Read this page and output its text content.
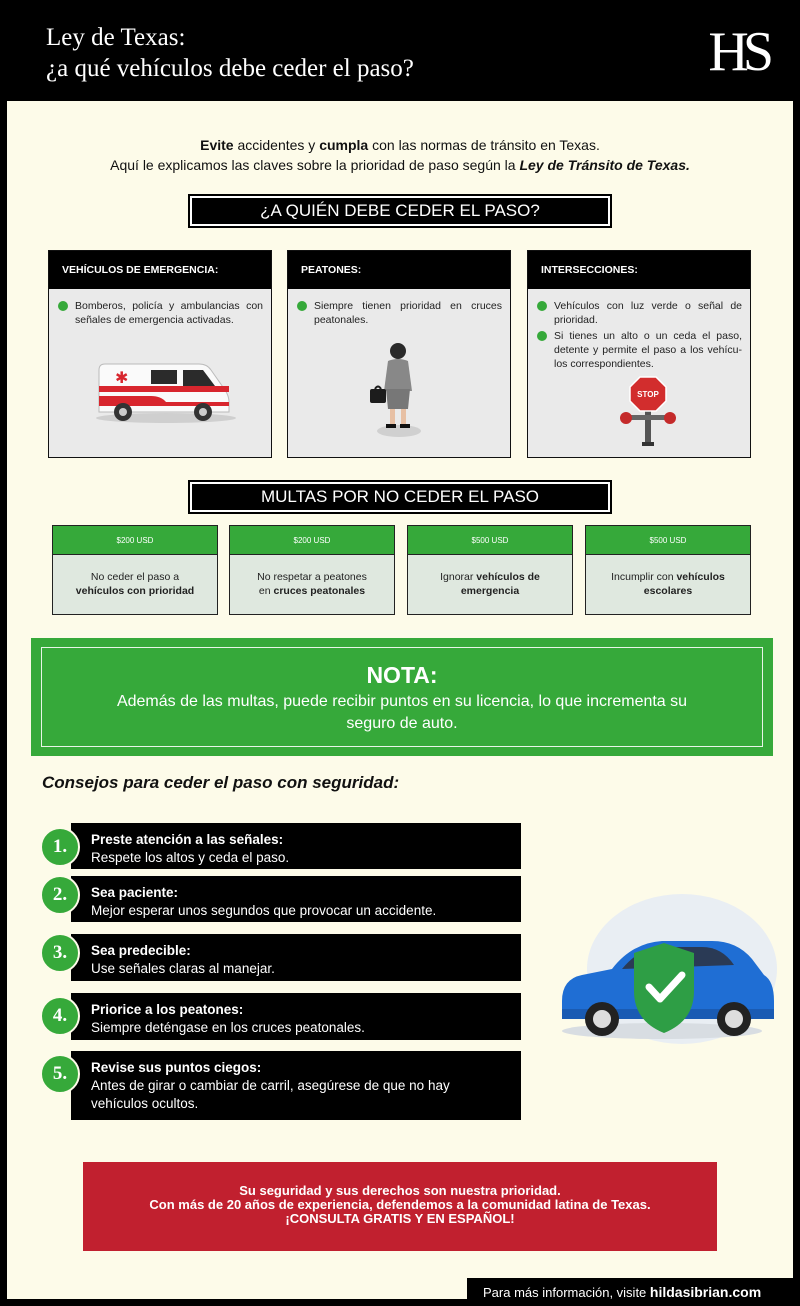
Ley de Texas:
¿a qué vehículos debe ceder el paso?	HS
Evite accidentes y cumpla con las normas de tránsito en Texas.
Aquí le explicamos las claves sobre la prioridad de paso según la Ley de Tránsito de Texas.
¿A QUIÉN DEBE CEDER EL PASO?
VEHÍCULOS DE EMERGENCIA:
Bomberos, policía y ambulancias con señales de emergencia activadas.
✱
PEATONES:
Siempre tienen prioridad en cruces peatonales.
INTERSECCIONES:
Vehículos con luz verde o señal de prioridad.
Si tienes un alto o un ceda el paso, detente y permite el paso a los vehícu-los correspondientes.
STOP
MULTAS POR NO CEDER EL PASO
$200 USD
No ceder el paso a
vehículos con prioridad
$200 USD
No respetar a peatones
en cruces peatonales
$500 USD
Ignorar vehículos de
emergencia
$500 USD
Incumplir con vehículos
escolares
NOTA:
Además de las multas, puede recibir puntos en su licencia, lo que incrementa su seguro de auto.
Consejos para ceder el paso con seguridad:
Preste atención a las señales:
Respete los altos y ceda el paso.
1.
Sea paciente:
Mejor esperar unos segundos que provocar un accidente.
2.
Sea predecible:
Use señales claras al manejar.
3.
Priorice a los peatones:
Siempre deténgase en los cruces peatonales.
4.
Revise sus puntos ciegos:
Antes de girar o cambiar de carril, asegúrese de que no hay vehículos ocultos.
5.
Su seguridad y sus derechos son nuestra prioridad.
Con más de 20 años de experiencia, defendemos a la comunidad latina de Texas.
¡CONSULTA GRATIS Y EN ESPAÑOL!
Para más información, visite hildasibrian.com
